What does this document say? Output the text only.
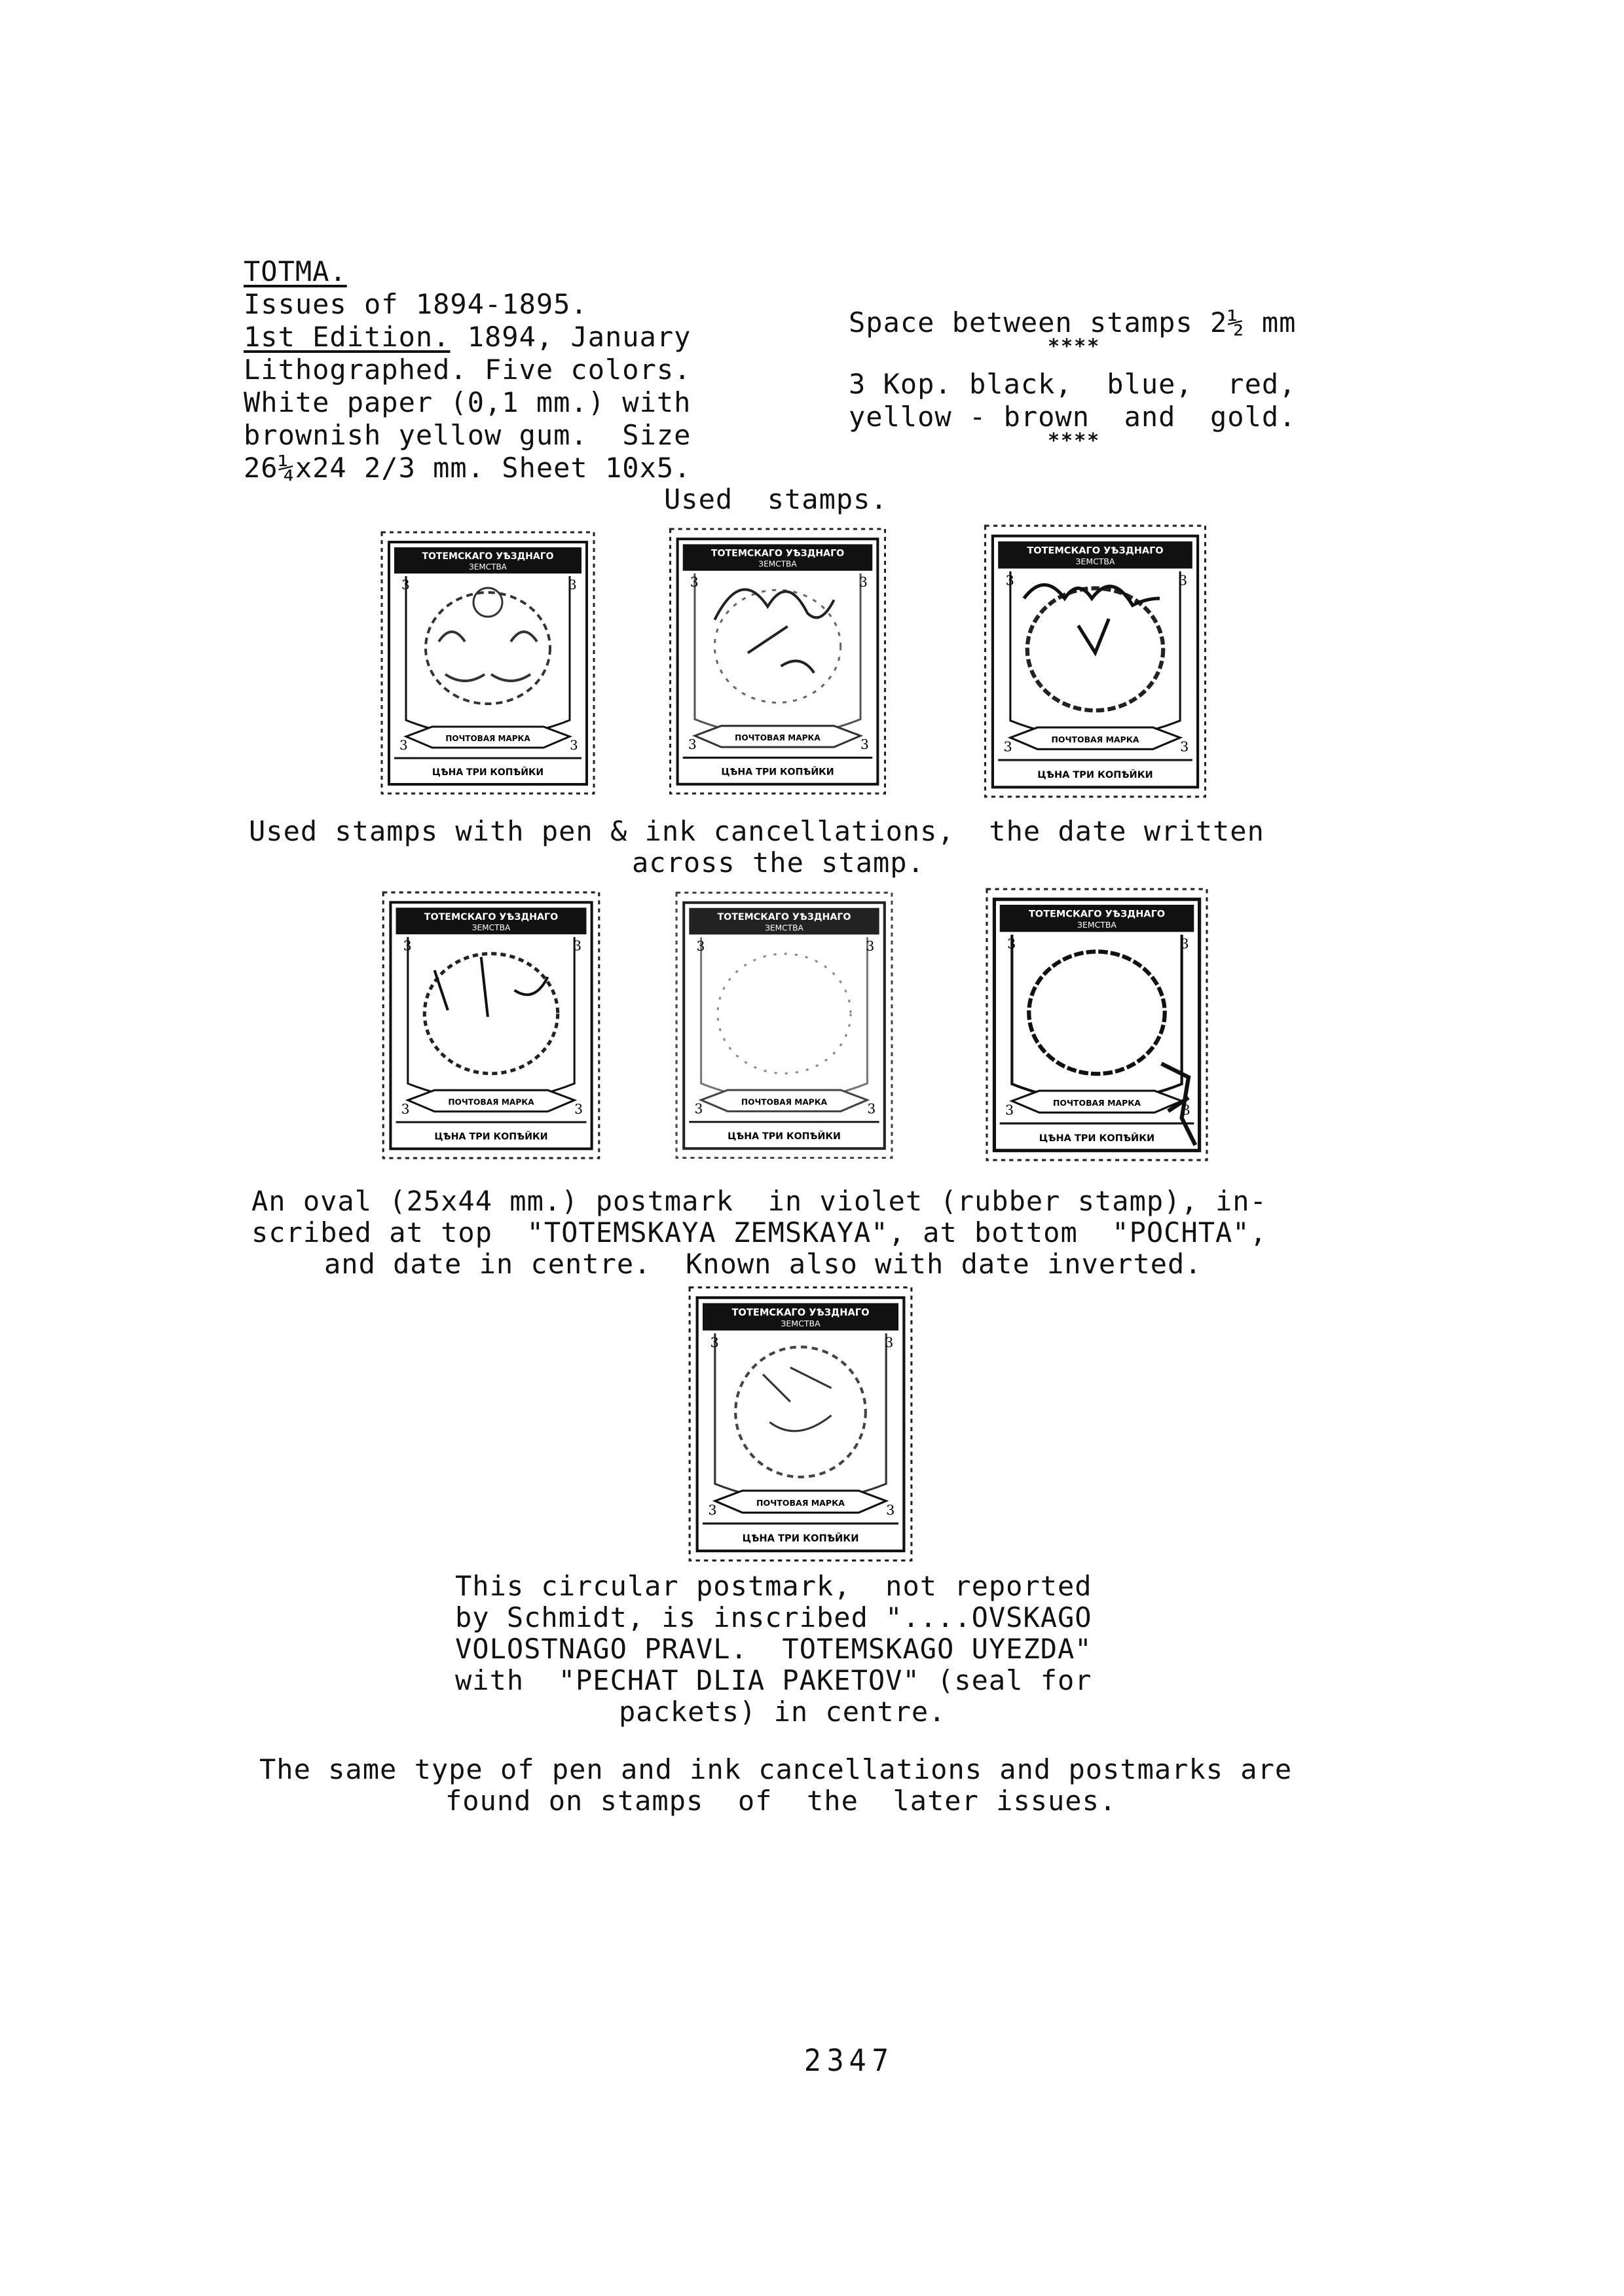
TOTMA.
Issues of 1894-1895.
1st Edition. 1894, January
Lithographed. Five colors.
White paper (0,1 mm.) with
brownish yellow gum.  Size
26¼x24 2/3 mm. Sheet 10x5.
Space between stamps 2½ mm
****
3 Kop. black,  blue,  red,
yellow - brown  and  gold.
****
Used  stamps.
ТОТЕМСКАГО УѢЗДНАГО
ЗЕМСТВА
3	3
ПОЧТОВАЯ МАРКА
3	3
ЦѢНА ТРИ КОПѢЙКИ
ТОТЕМСКАГО УѢЗДНАГО
ЗЕМСТВА
3	3
ПОЧТОВАЯ МАРКА
3	3
ЦѢНА ТРИ КОПѢЙКИ
ТОТЕМСКАГО УѢЗДНАГО
ЗЕМСТВА
3	3
ПОЧТОВАЯ МАРКА
3	3
ЦѢНА ТРИ КОПѢЙКИ
Used stamps with pen & ink cancellations,  the date written
across the stamp.
ТОТЕМСКАГО УѢЗДНАГО
ЗЕМСТВА
3	3
ПОЧТОВАЯ МАРКА
3	3
ЦѢНА ТРИ КОПѢЙКИ
ТОТЕМСКАГО УѢЗДНАГО
ЗЕМСТВА
3	3
ПОЧТОВАЯ МАРКА
3	3
ЦѢНА ТРИ КОПѢЙКИ
ТОТЕМСКАГО УѢЗДНАГО
ЗЕМСТВА
3	3
ПОЧТОВАЯ МАРКА
3	3
ЦѢНА ТРИ КОПѢЙКИ
An oval (25x44 mm.) postmark  in violet (rubber stamp), in-
scribed at top  "TOTEMSKAYA ZEMSKAYA", at bottom  "POCHTA",
and date in centre.  Known also with date inverted.
ТОТЕМСКАГО УѢЗДНАГО
ЗЕМСТВА
3	3
ПОЧТОВАЯ МАРКА
3	3
ЦѢНА ТРИ КОПѢЙКИ
This circular postmark,  not reported
by Schmidt, is inscribed "....OVSKAGO
VOLOSTNAGO PRAVL.  TOTEMSKAGO UYEZDA"
with  "PECHAT DLIA PAKETOV" (seal for
packets) in centre.
The same type of pen and ink cancellations and postmarks are
found on stamps  of  the  later issues.
2347
